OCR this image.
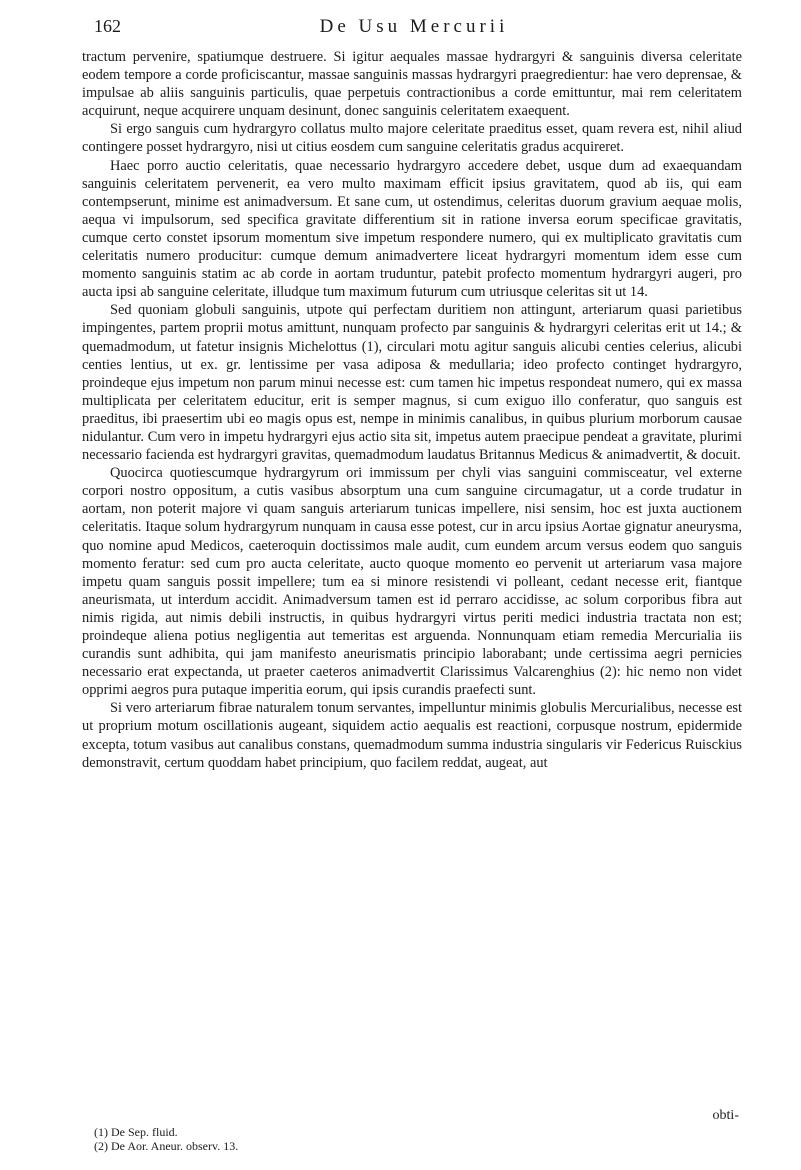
162	De Usu Mercurii

tractum pervenire, spatiumque destruere. Si igitur aequales massae hydrargyri & sanguinis diversa celeritate eodem tempore a corde proficiscantur, massae sanguinis massas hydrargyri praegredientur: hae vero deprensae, & impulsae ab aliis sanguinis particulis, quae perpetuis contractionibus a corde emittuntur, mai rem celeritatem acquirunt, neque acquirere unquam desinunt, donec sanguinis celeritatem exaequent.

Si ergo sanguis cum hydrargyro collatus multo majore celeritate praeditus esset, quam revera est, nihil aliud contingere posset hydrargyro, nisi ut citius eosdem cum sanguine celeritatis gradus acquireret.

Haec porro auctio celeritatis, quae necessario hydrargyro accedere debet, usque dum ad exaequandam sanguinis celeritatem pervenerit, ea vero multo maximam efficit ipsius gravitatem, quod ab iis, qui eam contempserunt, minime est animadversum. Et sane cum, ut ostendimus, celeritas duorum gravium aequae molis, aequa vi impulsorum, sed specifica gravitate differentium sit in ratione inversa eorum specificae gravitatis, cumque certo constet ipsorum momentum sive impetum respondere numero, qui ex multiplicato gravitatis cum celeritatis numero producitur: cumque demum animadvertere liceat hydrargyri momentum idem esse cum momento sanguinis statim ac ab corde in aortam truduntur, patebit profecto momentum hydrargyri augeri, pro aucta ipsi ab sanguine celeritate, illudque tum maximum futurum cum utriusque celeritas sit ut 14.

Sed quoniam globuli sanguinis, utpote qui perfectam duritiem non attingunt, arteriarum quasi parietibus impingentes, partem proprii motus amittunt, nunquam profecto par sanguinis & hydrargyri celeritas erit ut 14.; & quemadmodum, ut fatetur insignis Michelottus (1), circulari motu agitur sanguis alicubi centies celerius, alicubi centies lentius, ut ex. gr. lentissime per vasa adiposa & medullaria; ideo profecto continget hydrargyro, proindeque ejus impetum non parum minui necesse est: cum tamen hic impetus respondeat numero, qui ex massa multiplicata per celeritatem educitur, erit is semper magnus, si cum exiguo illo conferatur, quo sanguis est praeditus, ibi praesertim ubi eo magis opus est, nempe in minimis canalibus, in quibus plurium morborum causae nidulantur. Cum vero in impetu hydrargyri ejus actio sita sit, impetus autem praecipue pendeat a gravitate, plurimi necessario facienda est hydrargyri gravitas, quemadmodum laudatus Britannus Medicus & animadvertit, & docuit.

Quocirca quotiescumque hydrargyrum ori immissum per chyli vias sanguini commisceatur, vel externe corpori nostro oppositum, a cutis vasibus absorptum una cum sanguine circumagatur, ut a corde trudatur in aortam, non poterit majore vi quam sanguis arteriarum tunicas impellere, nisi sensim, hoc est juxta auctionem celeritatis. Itaque solum hydrargyrum nunquam in causa esse potest, cur in arcu ipsius Aortae gignatur aneurysma, quo nomine apud Medicos, caeteroquin doctissimos male audit, cum eundem arcum versus eodem quo sanguis momento feratur: sed cum pro aucta celeritate, aucto quoque momento eo pervenit ut arteriarum vasa majore impetu quam sanguis possit impellere; tum ea si minore resistendi vi polleant, cedant necesse erit, fiantque aneurismata, ut interdum accidit. Animadversum tamen est id perraro accidisse, ac solum corporibus fibra aut nimis rigida, aut nimis debili instructis, in quibus hydrargyri virtus periti medici industria tractata non est; proindeque aliena potius negligentia aut temeritas est arguenda. Nonnunquam etiam remedia Mercurialia iis curandis sunt adhibita, qui jam manifesto aneurismatis principio laborabant; unde certissima aegri pernicies necessario erat expectanda, ut praeter caeteros animadvertit Clarissimus Valcarenghius (2): hic nemo non videt opprimi aegros pura putaque imperitia eorum, qui ipsis curandis praefecti sunt.

Si vero arteriarum fibrae naturalem tonum servantes, impelluntur minimis globulis Mercurialibus, necesse est ut proprium motum oscillationis augeant, siquidem actio aequalis est reactioni, corpusque nostrum, epidermide excepta, totum vasibus aut canalibus constans, quemadmodum summa industria singularis vir Federicus Ruisckius demonstravit, certum quoddam habet principium, quo facilem reddat, augeat, aut

obti-
(1) De Sep. fluid.
(2) De Aor. Aneur. observ. 13.
